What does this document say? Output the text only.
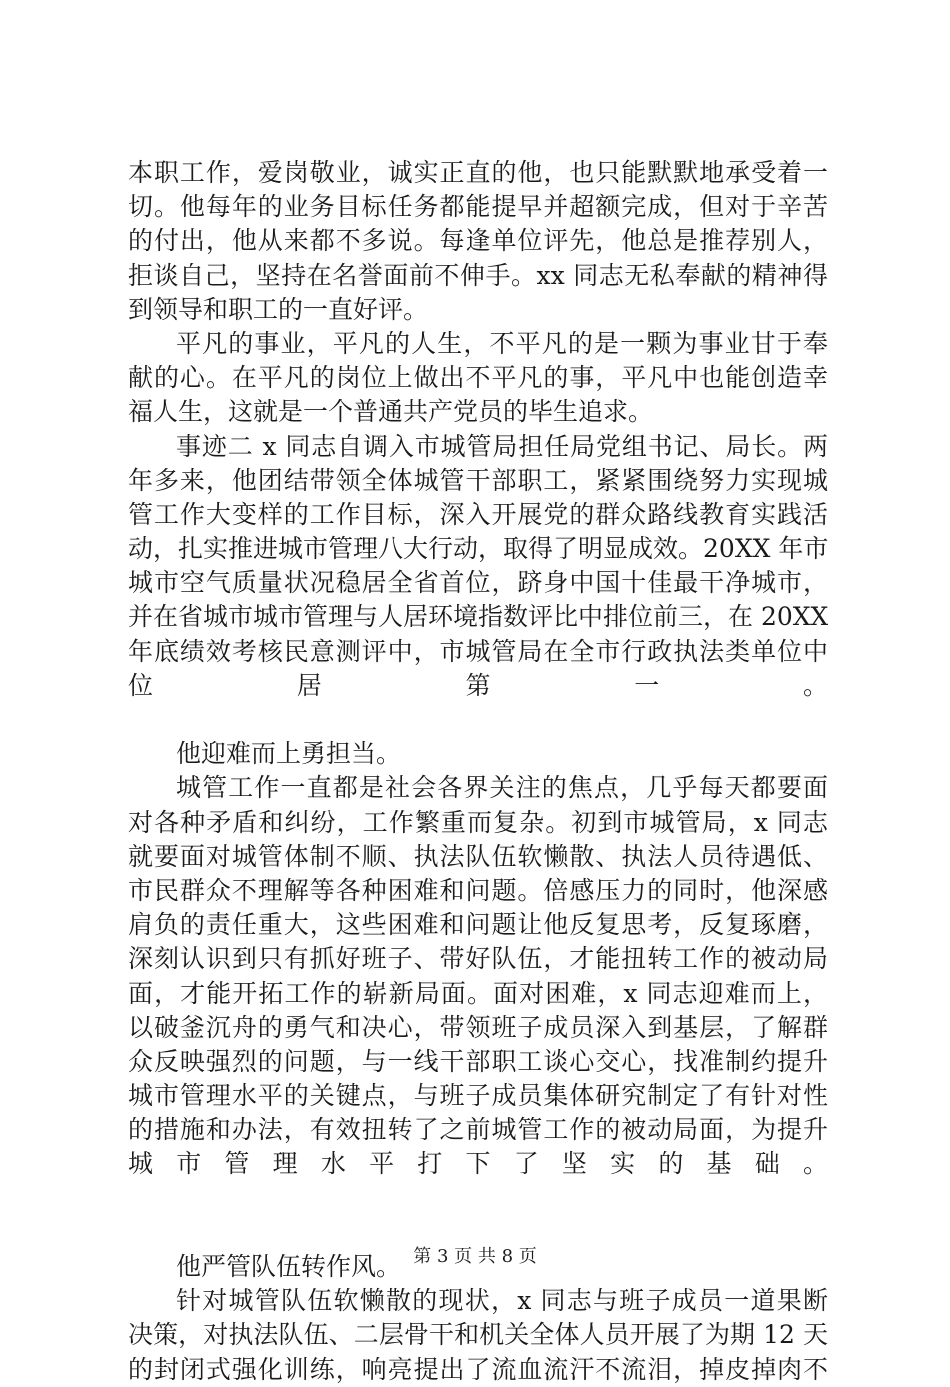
本职工作，爱岗敬业，诚实正直的他，也只能默默地承受着一
切。他每年的业务目标任务都能提早并超额完成，但对于辛苦
的付出，他从来都不多说。每逢单位评先，他总是推荐别人，
拒谈自己，坚持在名誉面前不伸手。xx 同志无私奉献的精神得
到领导和职工的一直好评。
平凡的事业，平凡的人生，不平凡的是一颗为事业甘于奉
献的心。在平凡的岗位上做出不平凡的事，平凡中也能创造幸
福人生，这就是一个普通共产党员的毕生追求。
事迹二 x 同志自调入市城管局担任局党组书记、局长。两
年多来，他团结带领全体城管干部职工，紧紧围绕努力实现城
管工作大变样的工作目标，深入开展党的群众路线教育实践活
动，扎实推进城市管理八大行动，取得了明显成效。20XX 年市
城市空气质量状况稳居全省首位，跻身中国十佳最干净城市，
并在省城市城市管理与人居环境指数评比中排位前三，在 20XX
年底绩效考核民意测评中，市城管局在全市行政执法类单位中
位居第一。
他迎难而上勇担当。
城管工作一直都是社会各界关注的焦点，几乎每天都要面
对各种矛盾和纠纷，工作繁重而复杂。初到市城管局，x 同志
就要面对城管体制不顺、执法队伍软懒散、执法人员待遇低、
市民群众不理解等各种困难和问题。倍感压力的同时，他深感
肩负的责任重大，这些困难和问题让他反复思考，反复琢磨，
深刻认识到只有抓好班子、带好队伍，才能扭转工作的被动局
面，才能开拓工作的崭新局面。面对困难，x 同志迎难而上，
以破釜沉舟的勇气和决心，带领班子成员深入到基层，了解群
众反映强烈的问题，与一线干部职工谈心交心，找准制约提升
城市管理水平的关键点，与班子成员集体研究制定了有针对性
的措施和办法，有效扭转了之前城管工作的被动局面，为提升
城市管理水平打下了坚实的基础。
他严管队伍转作风。
针对城管队伍软懒散的现状，x 同志与班子成员一道果断
决策，对执法队伍、二层骨干和机关全体人员开展了为期 12 天
的封闭式强化训练，响亮提出了流血流汗不流泪，掉皮掉肉不
第 3 页 共 8 页
